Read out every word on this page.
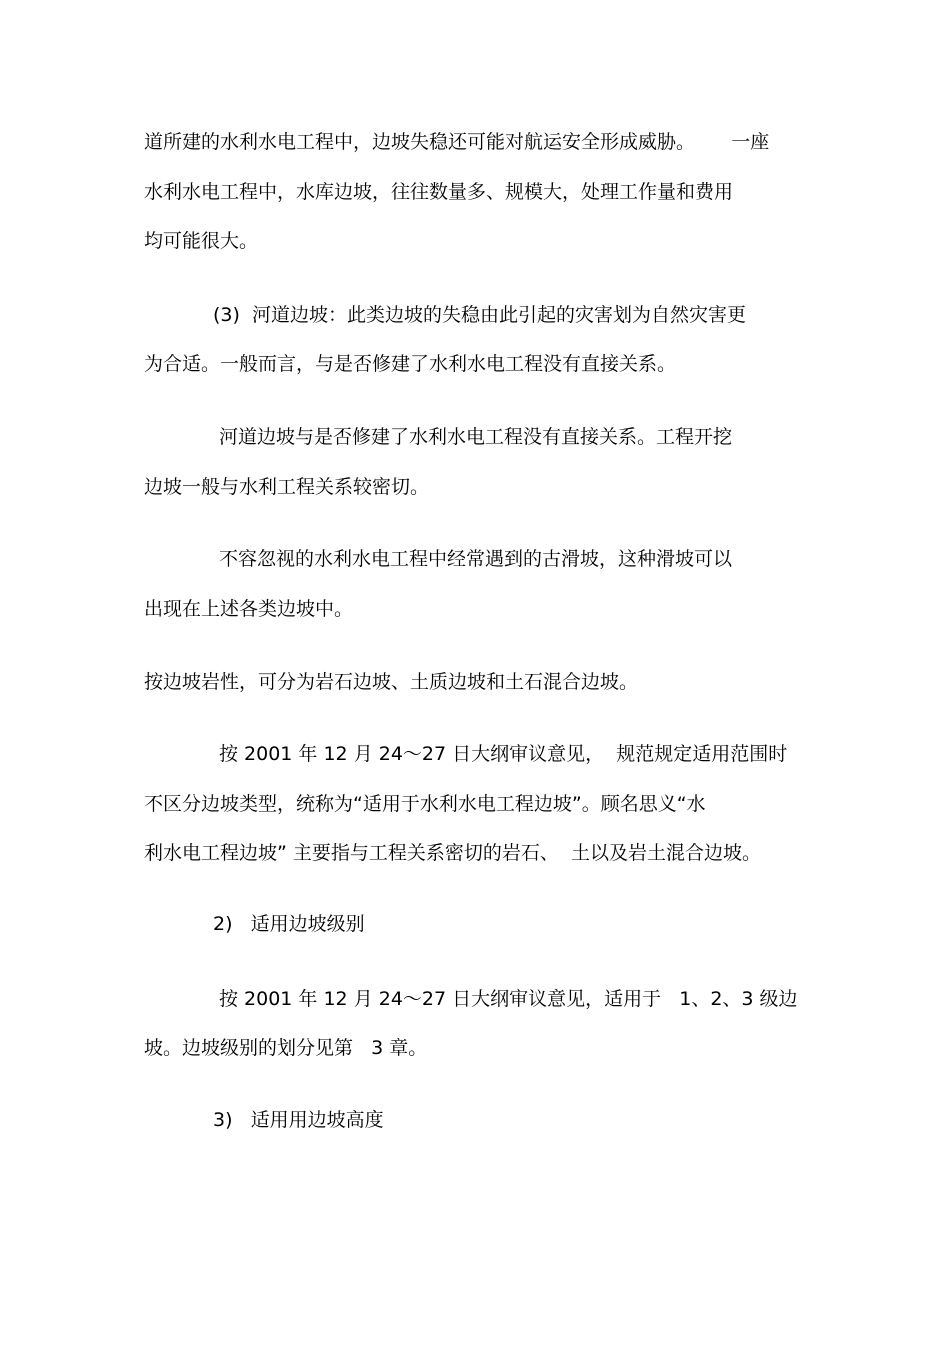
道所建的水利水电工程中，边坡失稳还可能对航运安全形成威胁。      一座
水利水电工程中，水库边坡，往往数量多、规模大，处理工作量和费用
均可能很大。
(3)  河道边坡：此类边坡的失稳由此引起的灾害划为自然灾害更
为合适。一般而言，与是否修建了水利水电工程没有直接关系。
河道边坡与是否修建了水利水电工程没有直接关系。工程开挖
边坡一般与水利工程关系较密切。
不容忽视的水利水电工程中经常遇到的古滑坡，这种滑坡可以
出现在上述各类边坡中。
按边坡岩性，可分为岩石边坡、土质边坡和土石混合边坡。
按 2001 年 12 月 24～27 日大纲审议意见，  规范规定适用范围时
不区分边坡类型，统称为“适用于水利水电工程边坡”。顾名思义“水
利水电工程边坡” 主要指与工程关系密切的岩石、  土以及岩土混合边坡。
2)   适用边坡级别
按 2001 年 12 月 24～27 日大纲审议意见，适用于   1、2、3 级边
坡。边坡级别的划分见第   3 章。
3)   适用用边坡高度
